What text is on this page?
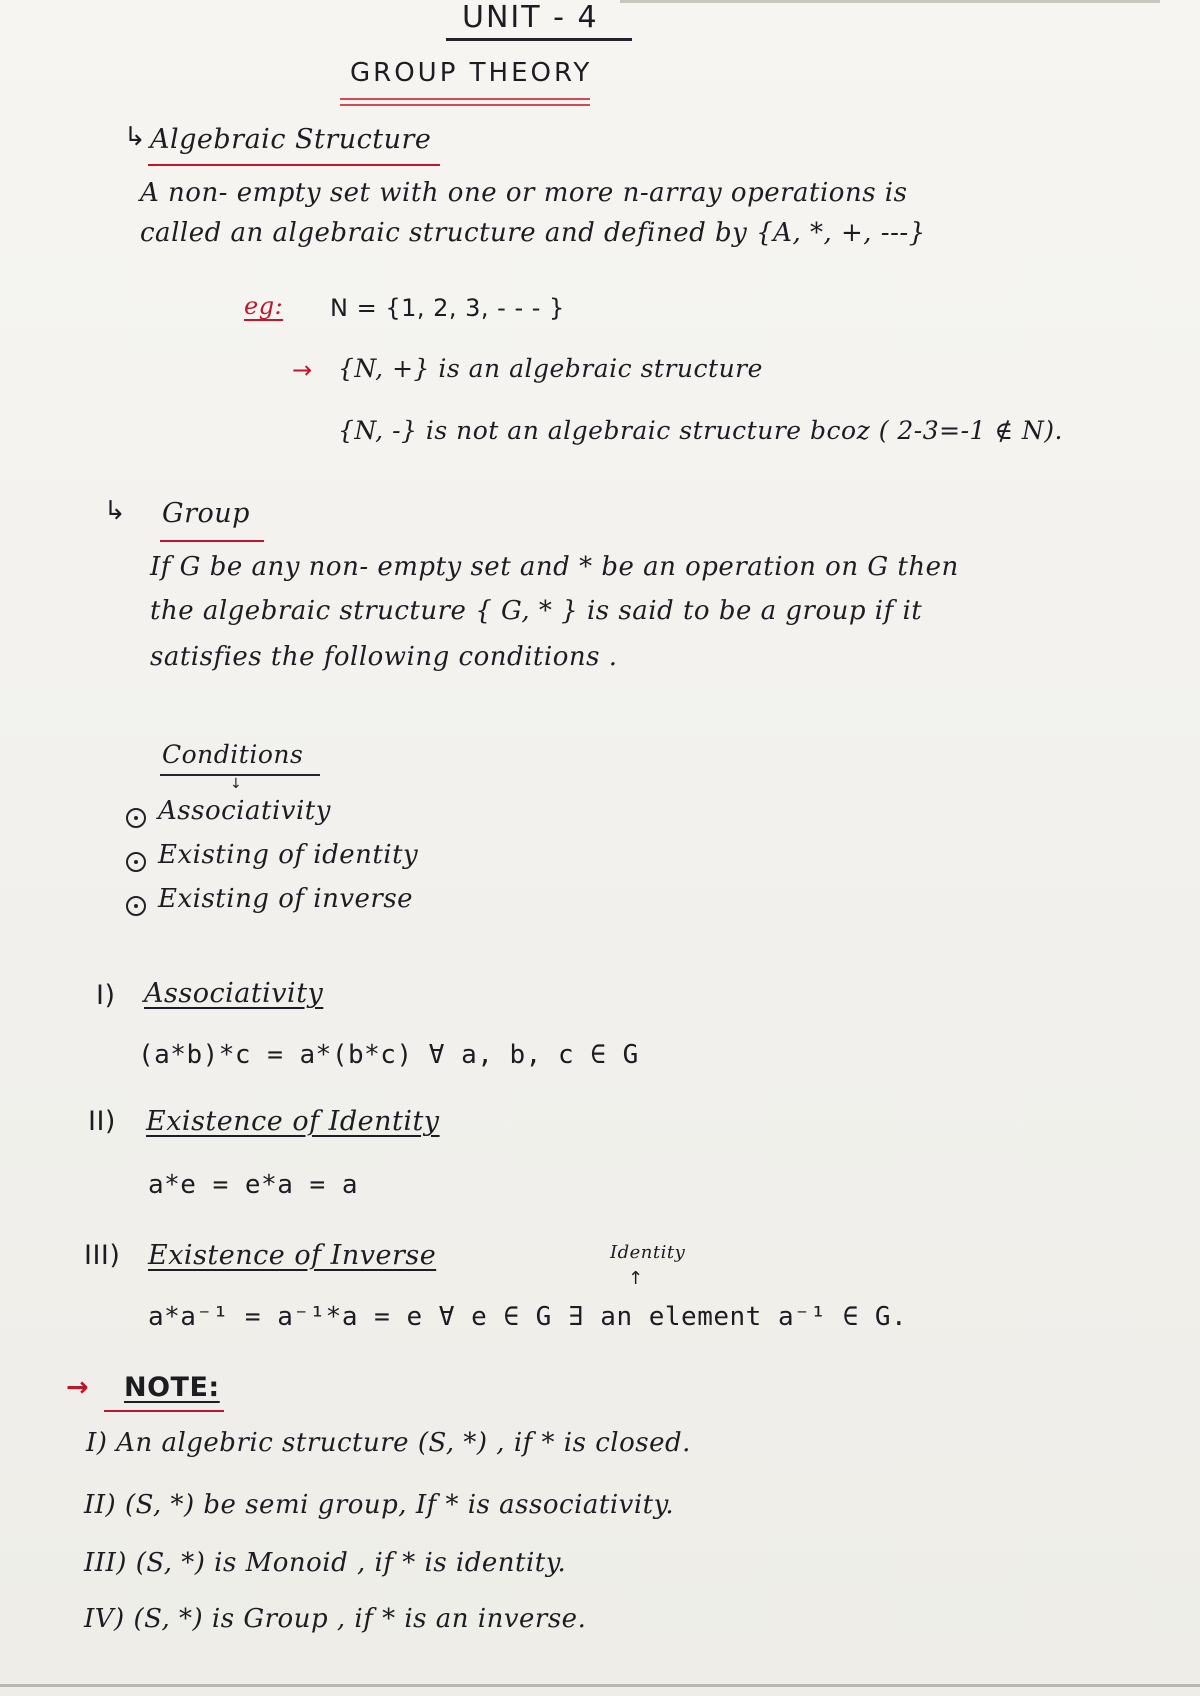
UNIT - 4
GROUP THEORY
↳ Algebraic Structure
A non- empty set with one or more n-array operations is
called an algebraic structure and defined by {A, *, +, ---}
eg: N = {1, 2, 3, - - - }
→ {N, +} is an algebraic structure
{N, -} is not an algebraic structure bcoz ( 2-3=-1 ∉ N).
↳ Group
If G be any non- empty set and * be an operation on G then
the algebraic structure { G, * } is said to be a group if it
satisfies the following conditions .
Conditions
↓
Associativity
Existing of identity
Existing of inverse
I) Associativity
(a*b)*c = a*(b*c) ∀ a, b, c ∈ G
II) Existence of Identity
a*e = e*a = a
III) Existence of Inverse	Identity
↑
a*a⁻¹ = a⁻¹*a = e ∀ e ∈ G ∃ an element a⁻¹ ∈ G.
→ NOTE:
I) An algebric structure (S, *) , if * is closed.
II) (S, *) be semi group, If * is associativity.
III) (S, *) is Monoid , if * is identity.
IV) (S, *) is Group , if * is an inverse.
